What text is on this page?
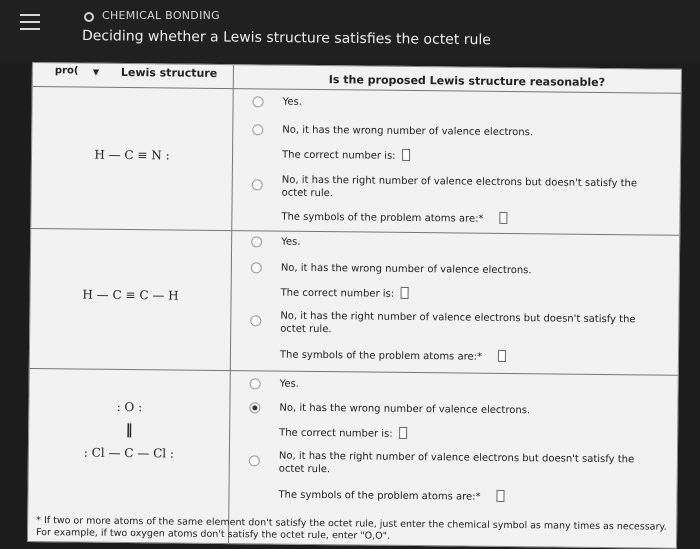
CHEMICAL BONDING
Deciding whether a Lewis structure satisfies the octet rule
pro( ▼ Lewis structure
Is the proposed Lewis structure reasonable?
H — C ≡ N :
Yes.
No, it has the wrong number of valence electrons.
The correct number is:
No, it has the right number of valence electrons but doesn't satisfy the
octet rule.
The symbols of the problem atoms are:*
H — C ≡ C — H
Yes.
No, it has the wrong number of valence electrons.
The correct number is:
No, it has the right number of valence electrons but doesn't satisfy the
octet rule.
The symbols of the problem atoms are:*
: O :
‖
: Cl — C — Cl :
Yes.
No, it has the wrong number of valence electrons.
The correct number is:
No, it has the right number of valence electrons but doesn't satisfy the
octet rule.
The symbols of the problem atoms are:*
* If two or more atoms of the same element don't satisfy the octet rule, just enter the chemical symbol as many times as necessary. For example, if two oxygen atoms don't satisfy the octet rule, enter "O,O".
